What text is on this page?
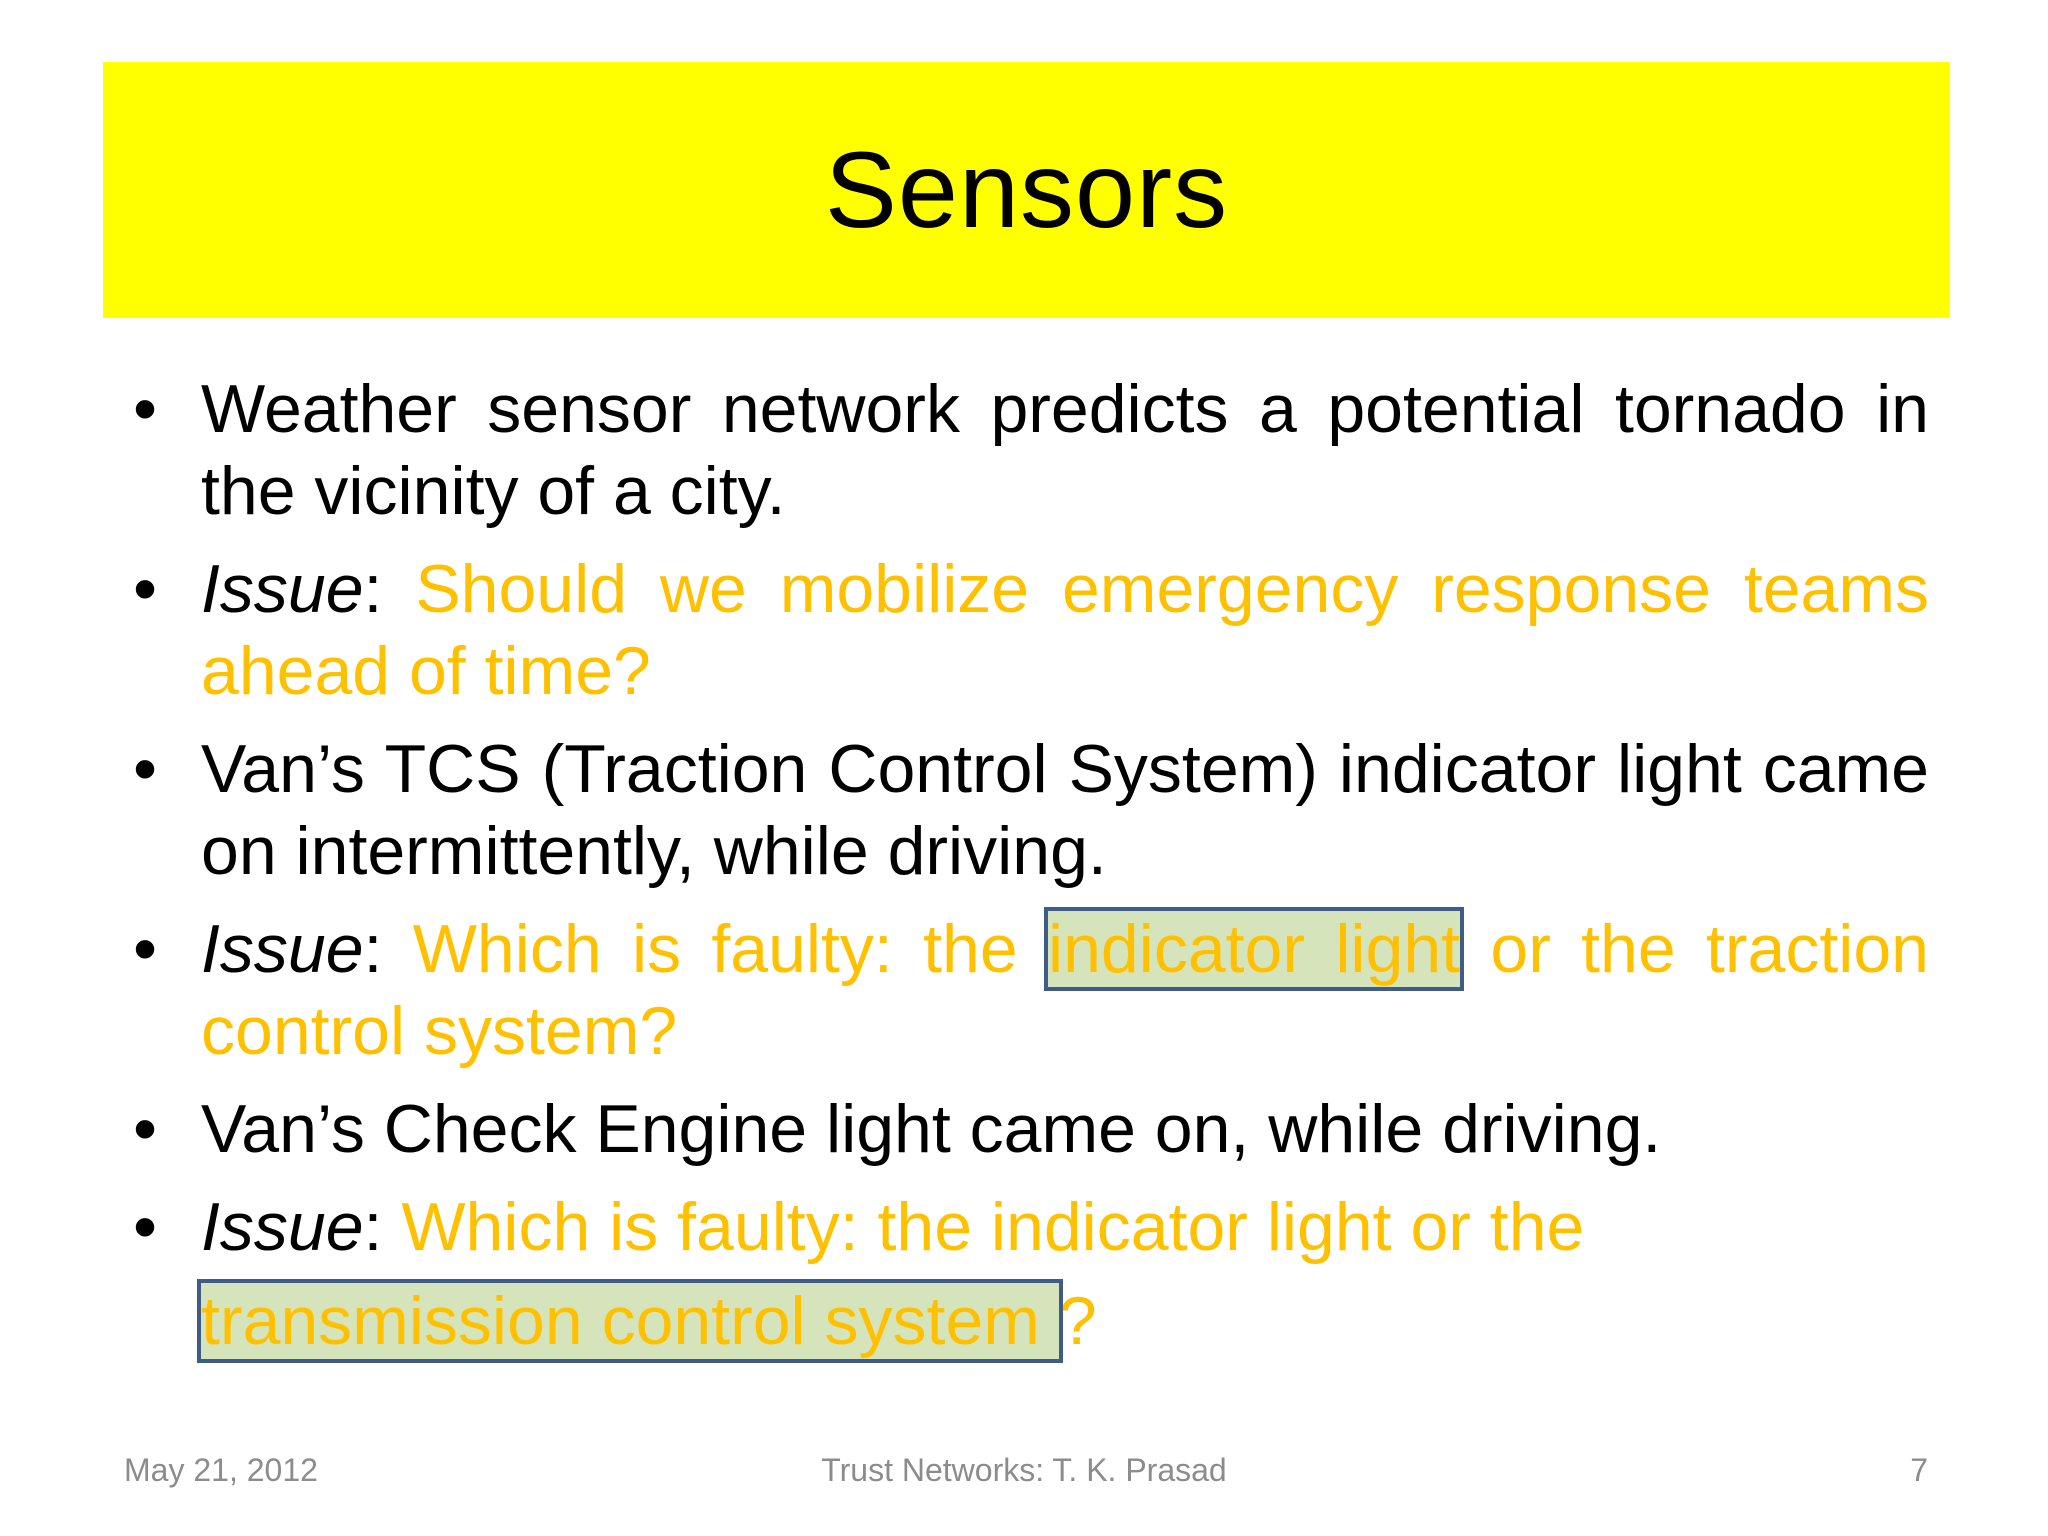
Sensors
• Weather sensor network predicts a potential tornado in the vicinity of a city.
• Issue: Should we mobilize emergency response teams ahead of time?
• Van’s TCS (Traction Control System) indicator light came on intermittently, while driving.
• Issue: Which is faulty: the indicator light or the traction control system?
• Van’s Check Engine light came on, while driving.
• Issue: Which is faulty: the indicator light or the
transmission control system ?
May 21, 2012	Trust Networks: T. K. Prasad	7
